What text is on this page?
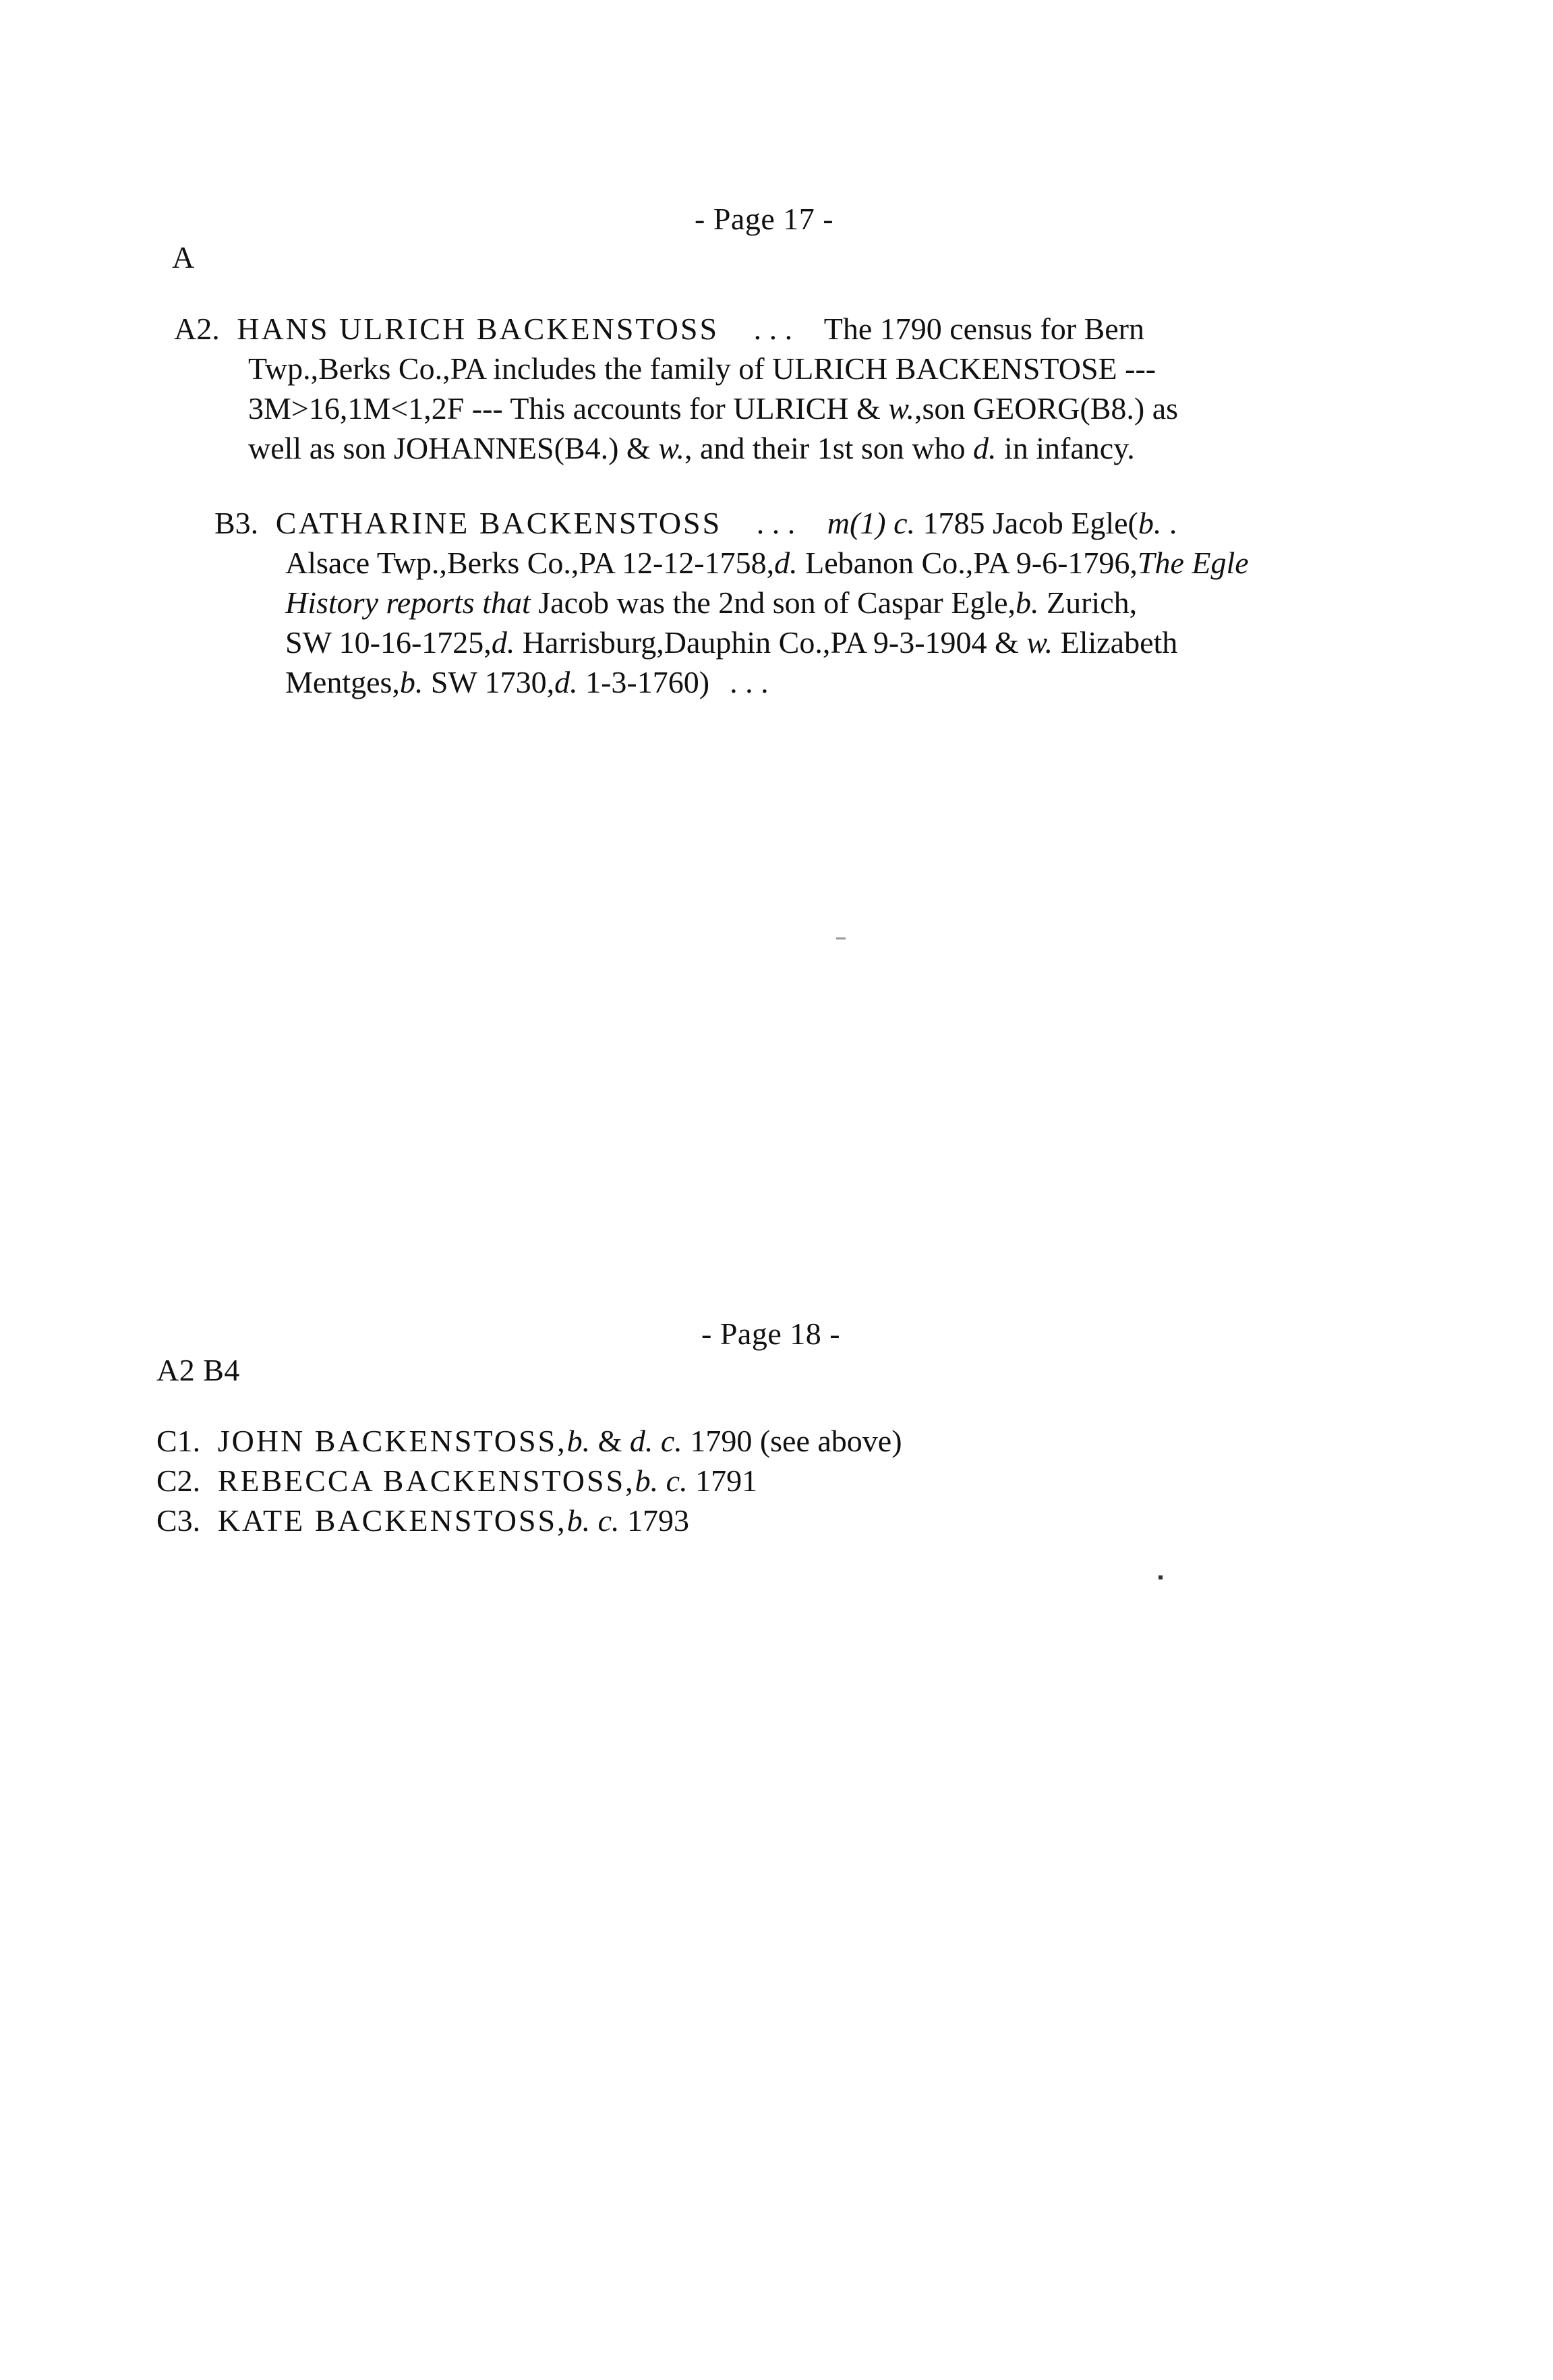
- Page 17 -
A
A2. HANS ULRICH BACKENSTOSS . . . The 1790 census for Bern
Twp.,Berks Co.,PA includes the family of ULRICH BACKENSTOSE ---
3M>16,1M<1,2F --- This accounts for ULRICH & w.,son GEORG(B8.) as
well as son JOHANNES(B4.) & w., and their 1st son who d. in infancy.
B3. CATHARINE BACKENSTOSS . . . m(1) c. 1785 Jacob Egle(b. .
Alsace Twp.,Berks Co.,PA 12-12-1758,d. Lebanon Co.,PA 9-6-1796,The Egle
History reports that Jacob was the 2nd son of Caspar Egle,b. Zurich,
SW 10-16-1725,d. Harrisburg,Dauphin Co.,PA 9-3-1904 & w. Elizabeth
Mentges,b. SW 1730,d. 1-3-1760) . . .
- Page 18 -
A2 B4
C1. JOHN BACKENSTOSS,b. & d. c. 1790 (see above)
C2. REBECCA BACKENSTOSS,b. c. 1791
C3. KATE BACKENSTOSS,b. c. 1793
